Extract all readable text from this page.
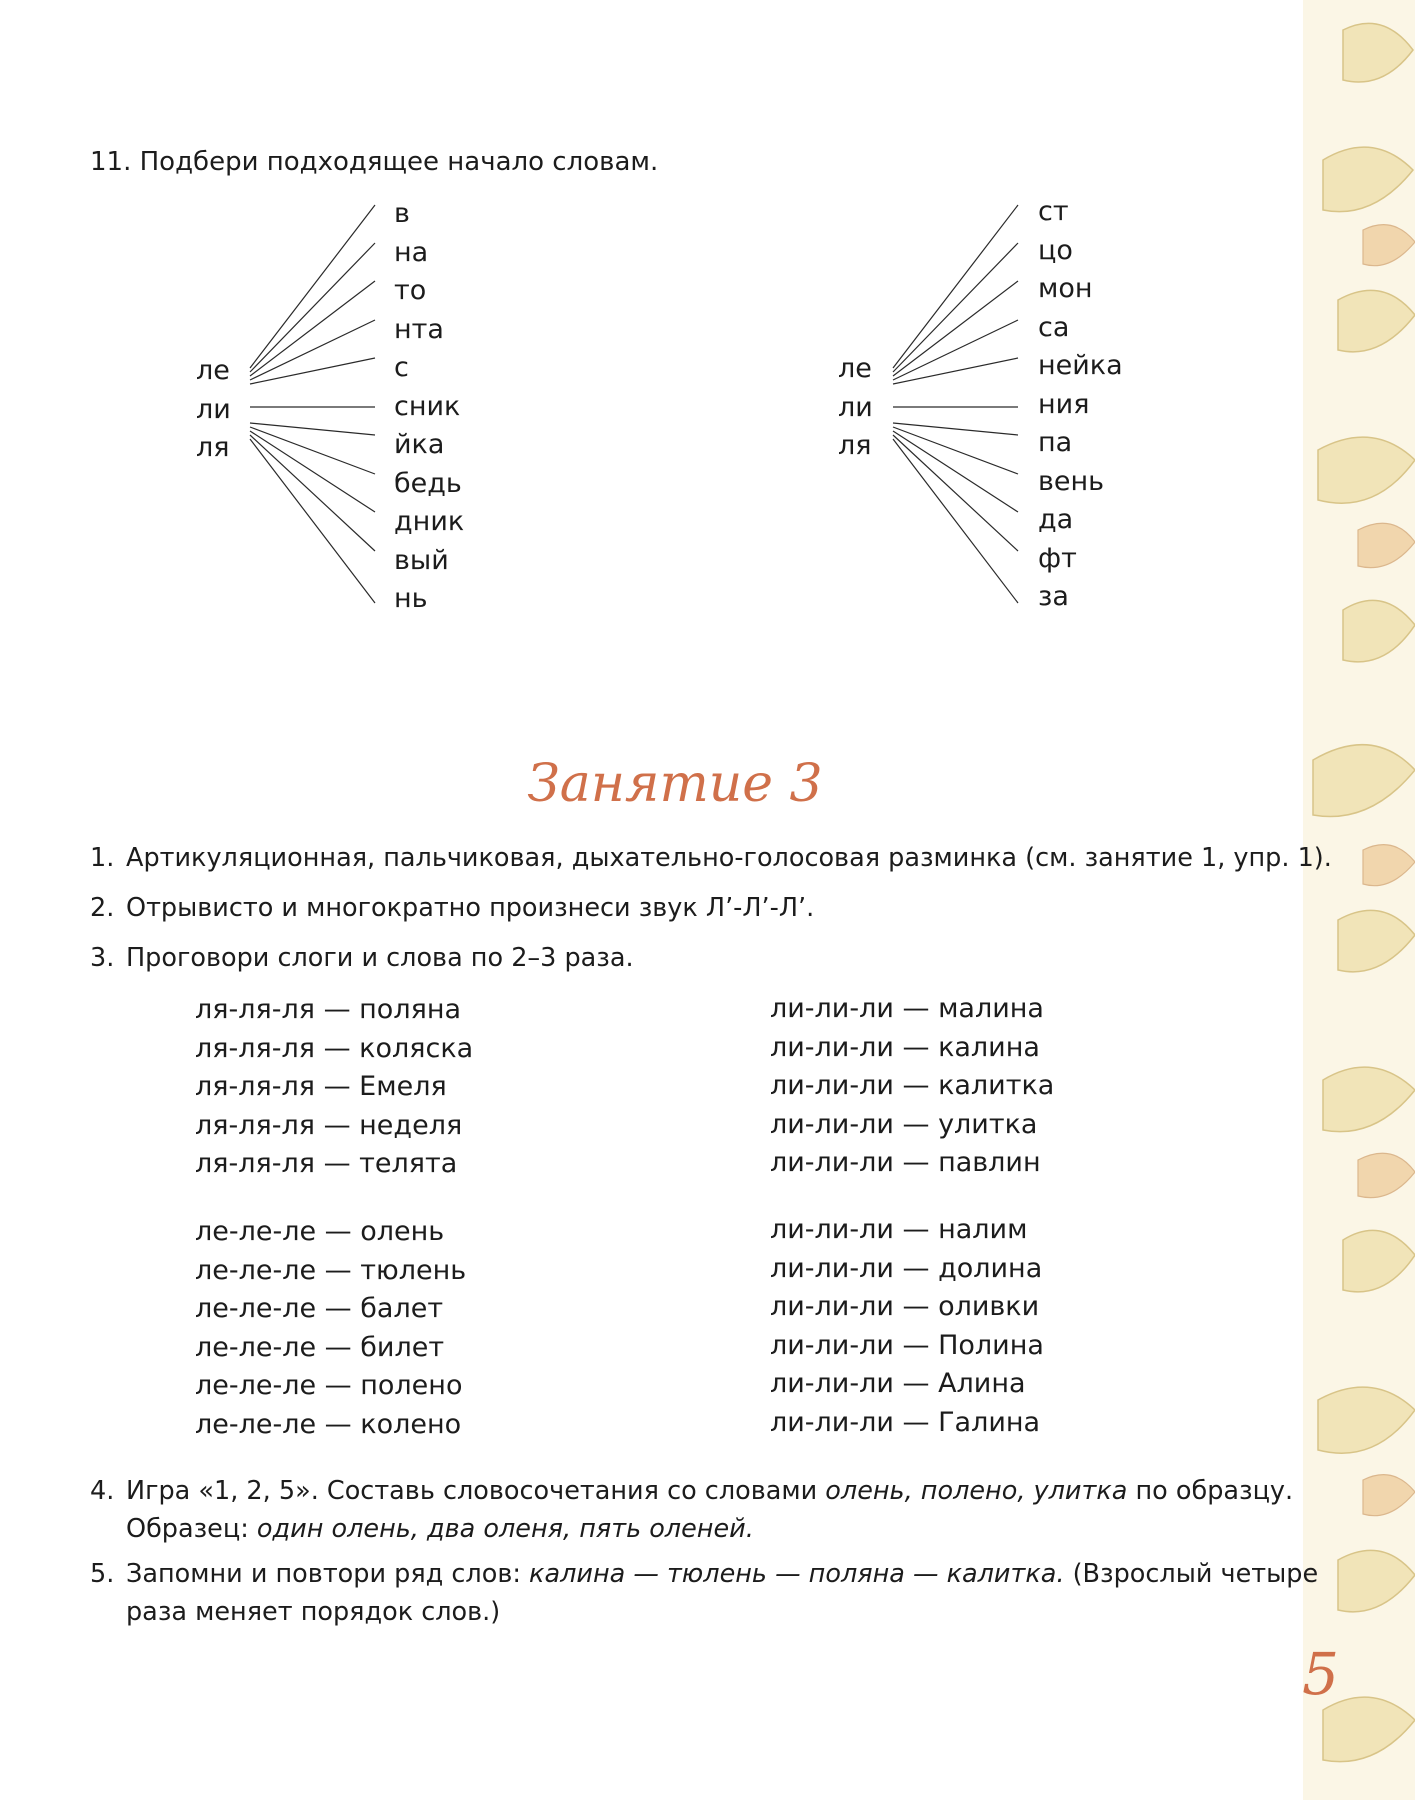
11. Подбери подходящее начало словам.
ле
ли
ля
в
на
то
нта
с
сник
йка
бедь
дник
вый
нь
ле
ли
ля
ст
цо
мон
са
нейка
ния
па
вень
да
фт
за
Занятие 3
1. Артикуляционная, пальчиковая, дыхательно-голосовая разминка (см. занятие 1, упр. 1).
2. Отрывисто и многократно произнеси звук Л’-Л’-Л’.
3. Проговори слоги и слова по 2–3 раза.
ля-ля-ля — поляна
ля-ля-ля — коляска
ля-ля-ля — Емеля
ля-ля-ля — неделя
ля-ля-ля — телята
ле-ле-ле — олень
ле-ле-ле — тюлень
ле-ле-ле — балет
ле-ле-ле — билет
ле-ле-ле — полено
ле-ле-ле — колено
ли-ли-ли — малина
ли-ли-ли — калина
ли-ли-ли — калитка
ли-ли-ли — улитка
ли-ли-ли — павлин
ли-ли-ли — налим
ли-ли-ли — долина
ли-ли-ли — оливки
ли-ли-ли — Полина
ли-ли-ли — Алина
ли-ли-ли — Галина
4. Игра «1, 2, 5». Составь словосочетания со словами олень, полено, улитка по образцу.
Образец: один олень, два оленя, пять оленей.
5. Запомни и повтори ряд слов: калина — тюлень — поляна — калитка. (Взрослый четыре
раза меняет порядок слов.)
5
